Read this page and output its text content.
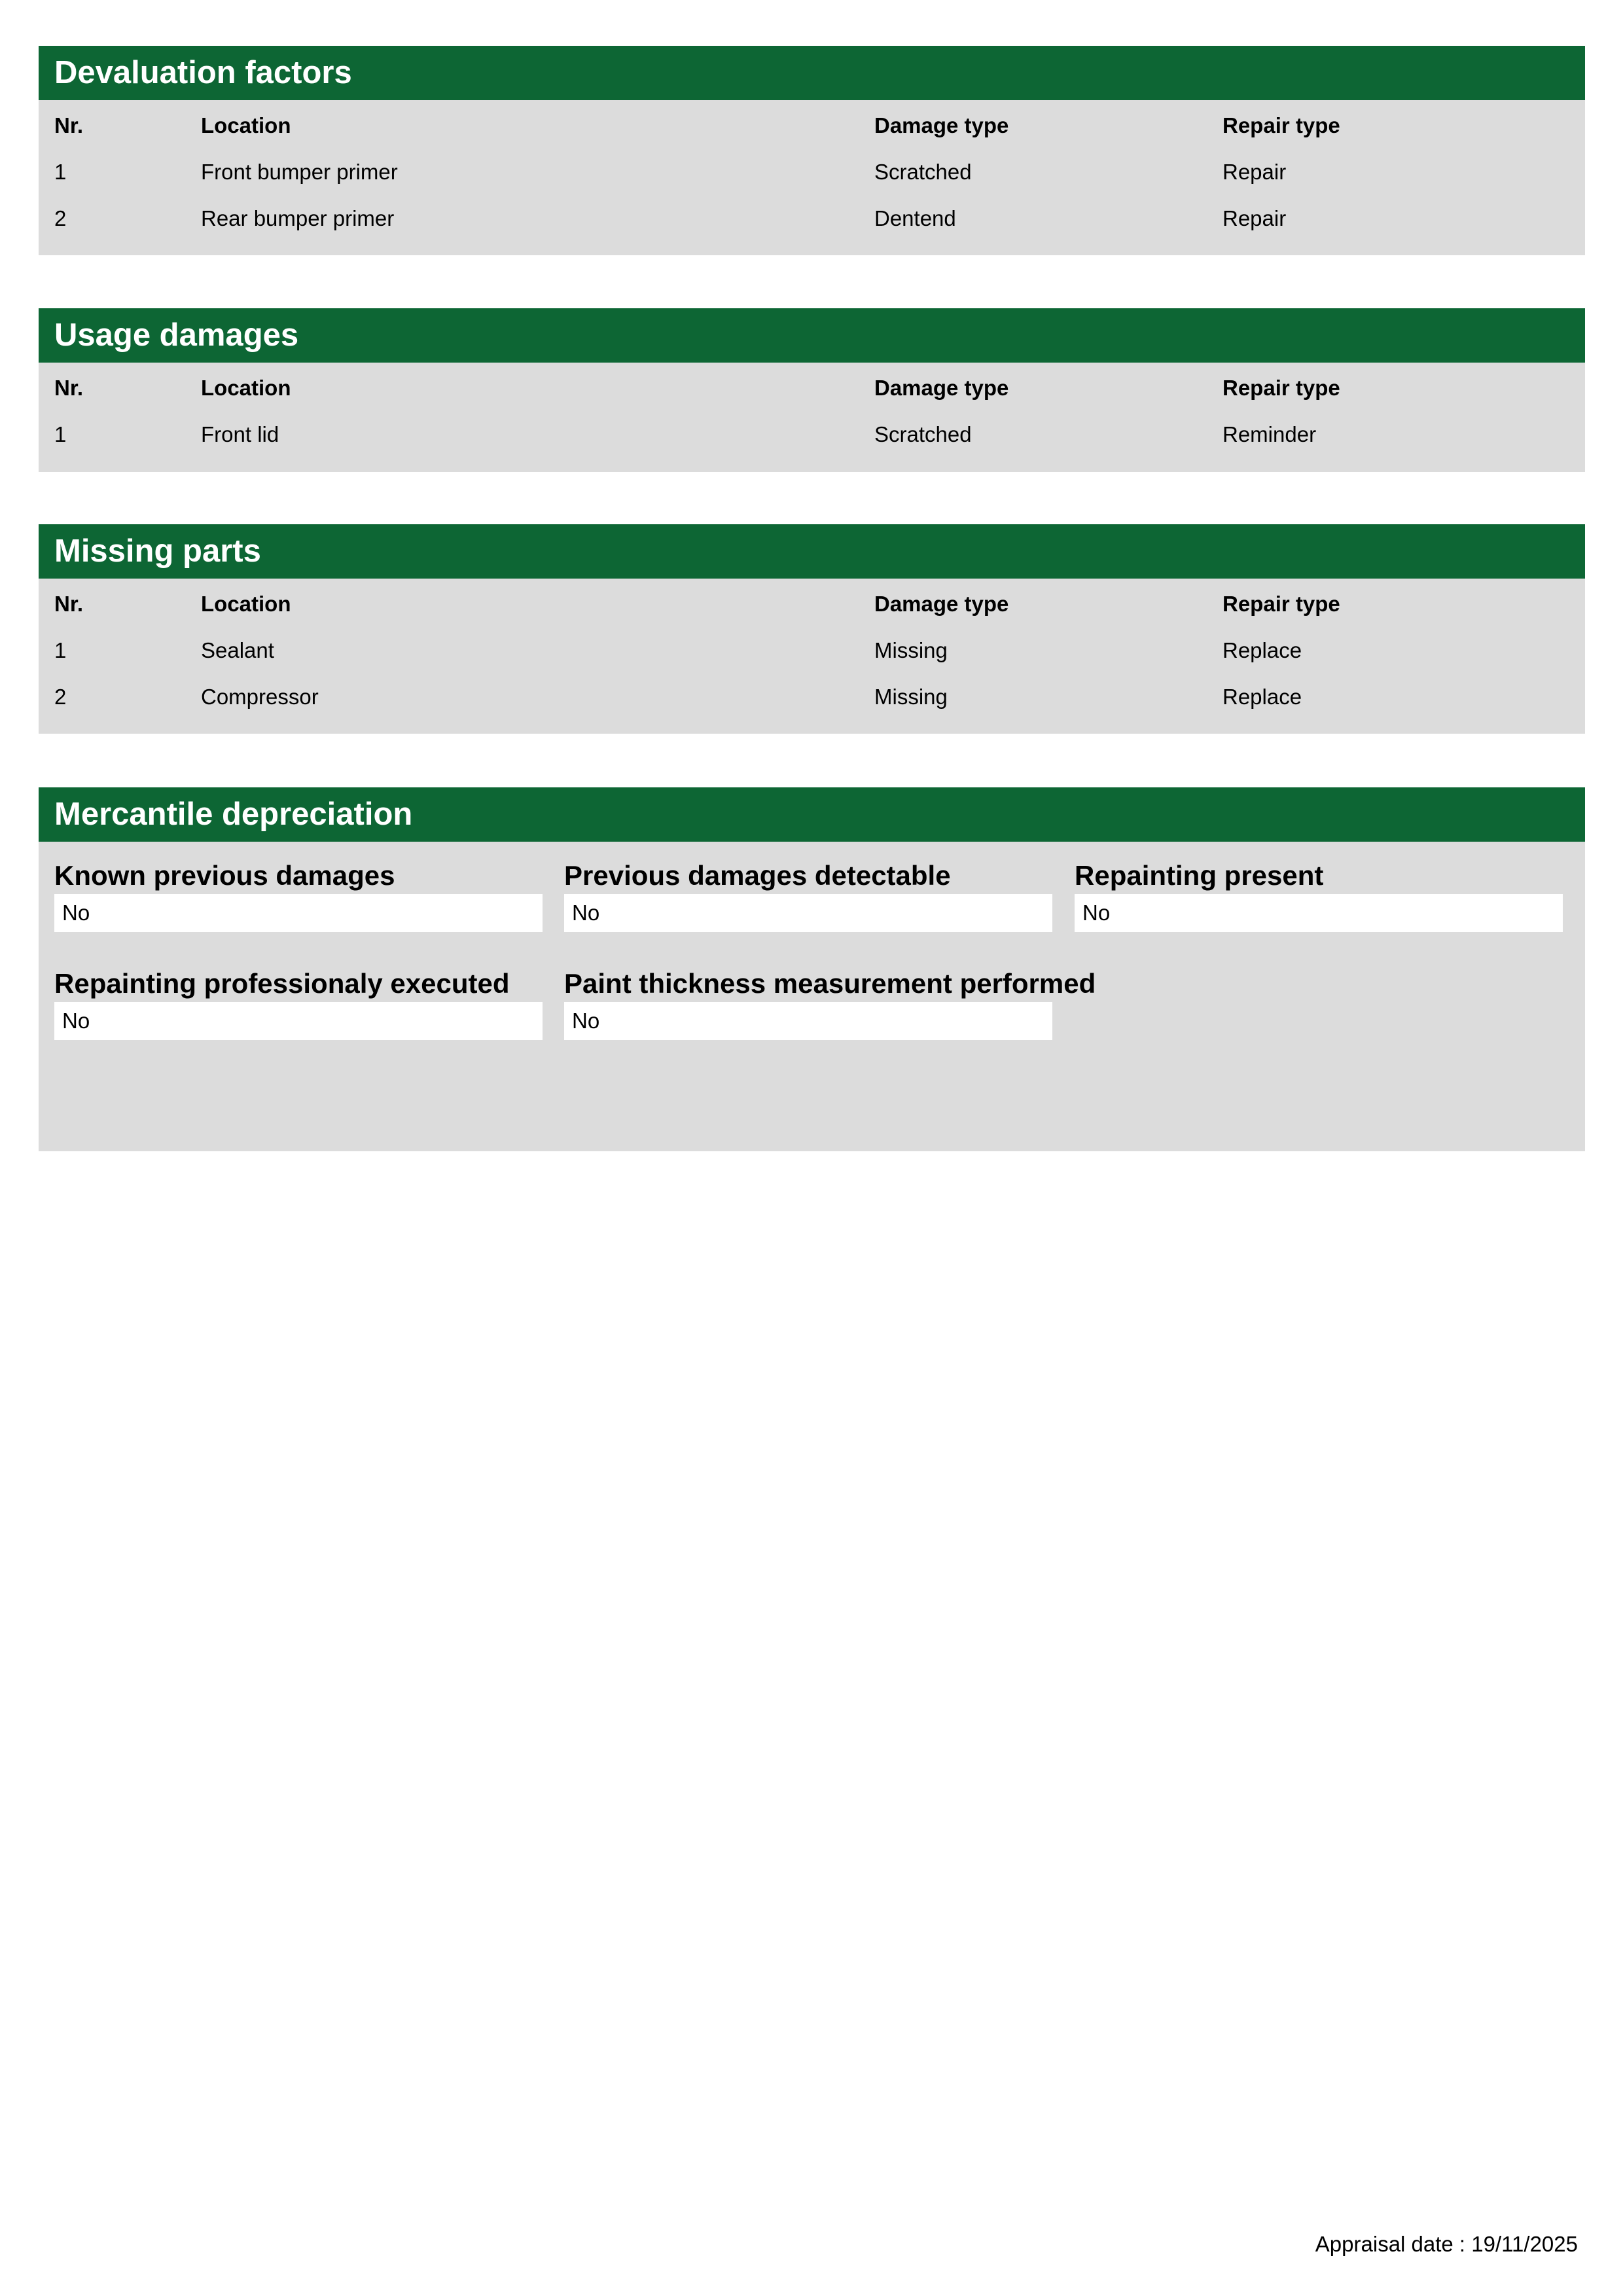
Devaluation factors
Nr.	Location	Damage type	Repair type
1	Front bumper primer	Scratched	Repair
2	Rear bumper primer	Dentend	Repair
Usage damages
Nr.	Location	Damage type	Repair type
1	Front lid	Scratched	Reminder
Missing parts
Nr.	Location	Damage type	Repair type
1	Sealant	Missing	Replace
2	Compressor	Missing	Replace
Mercantile depreciation
Known previous damages
No
Previous damages detectable
No
Repainting present
No
Repainting professionaly executed
No
Paint thickness measurement performed
No
Appraisal date : 19/11/2025
